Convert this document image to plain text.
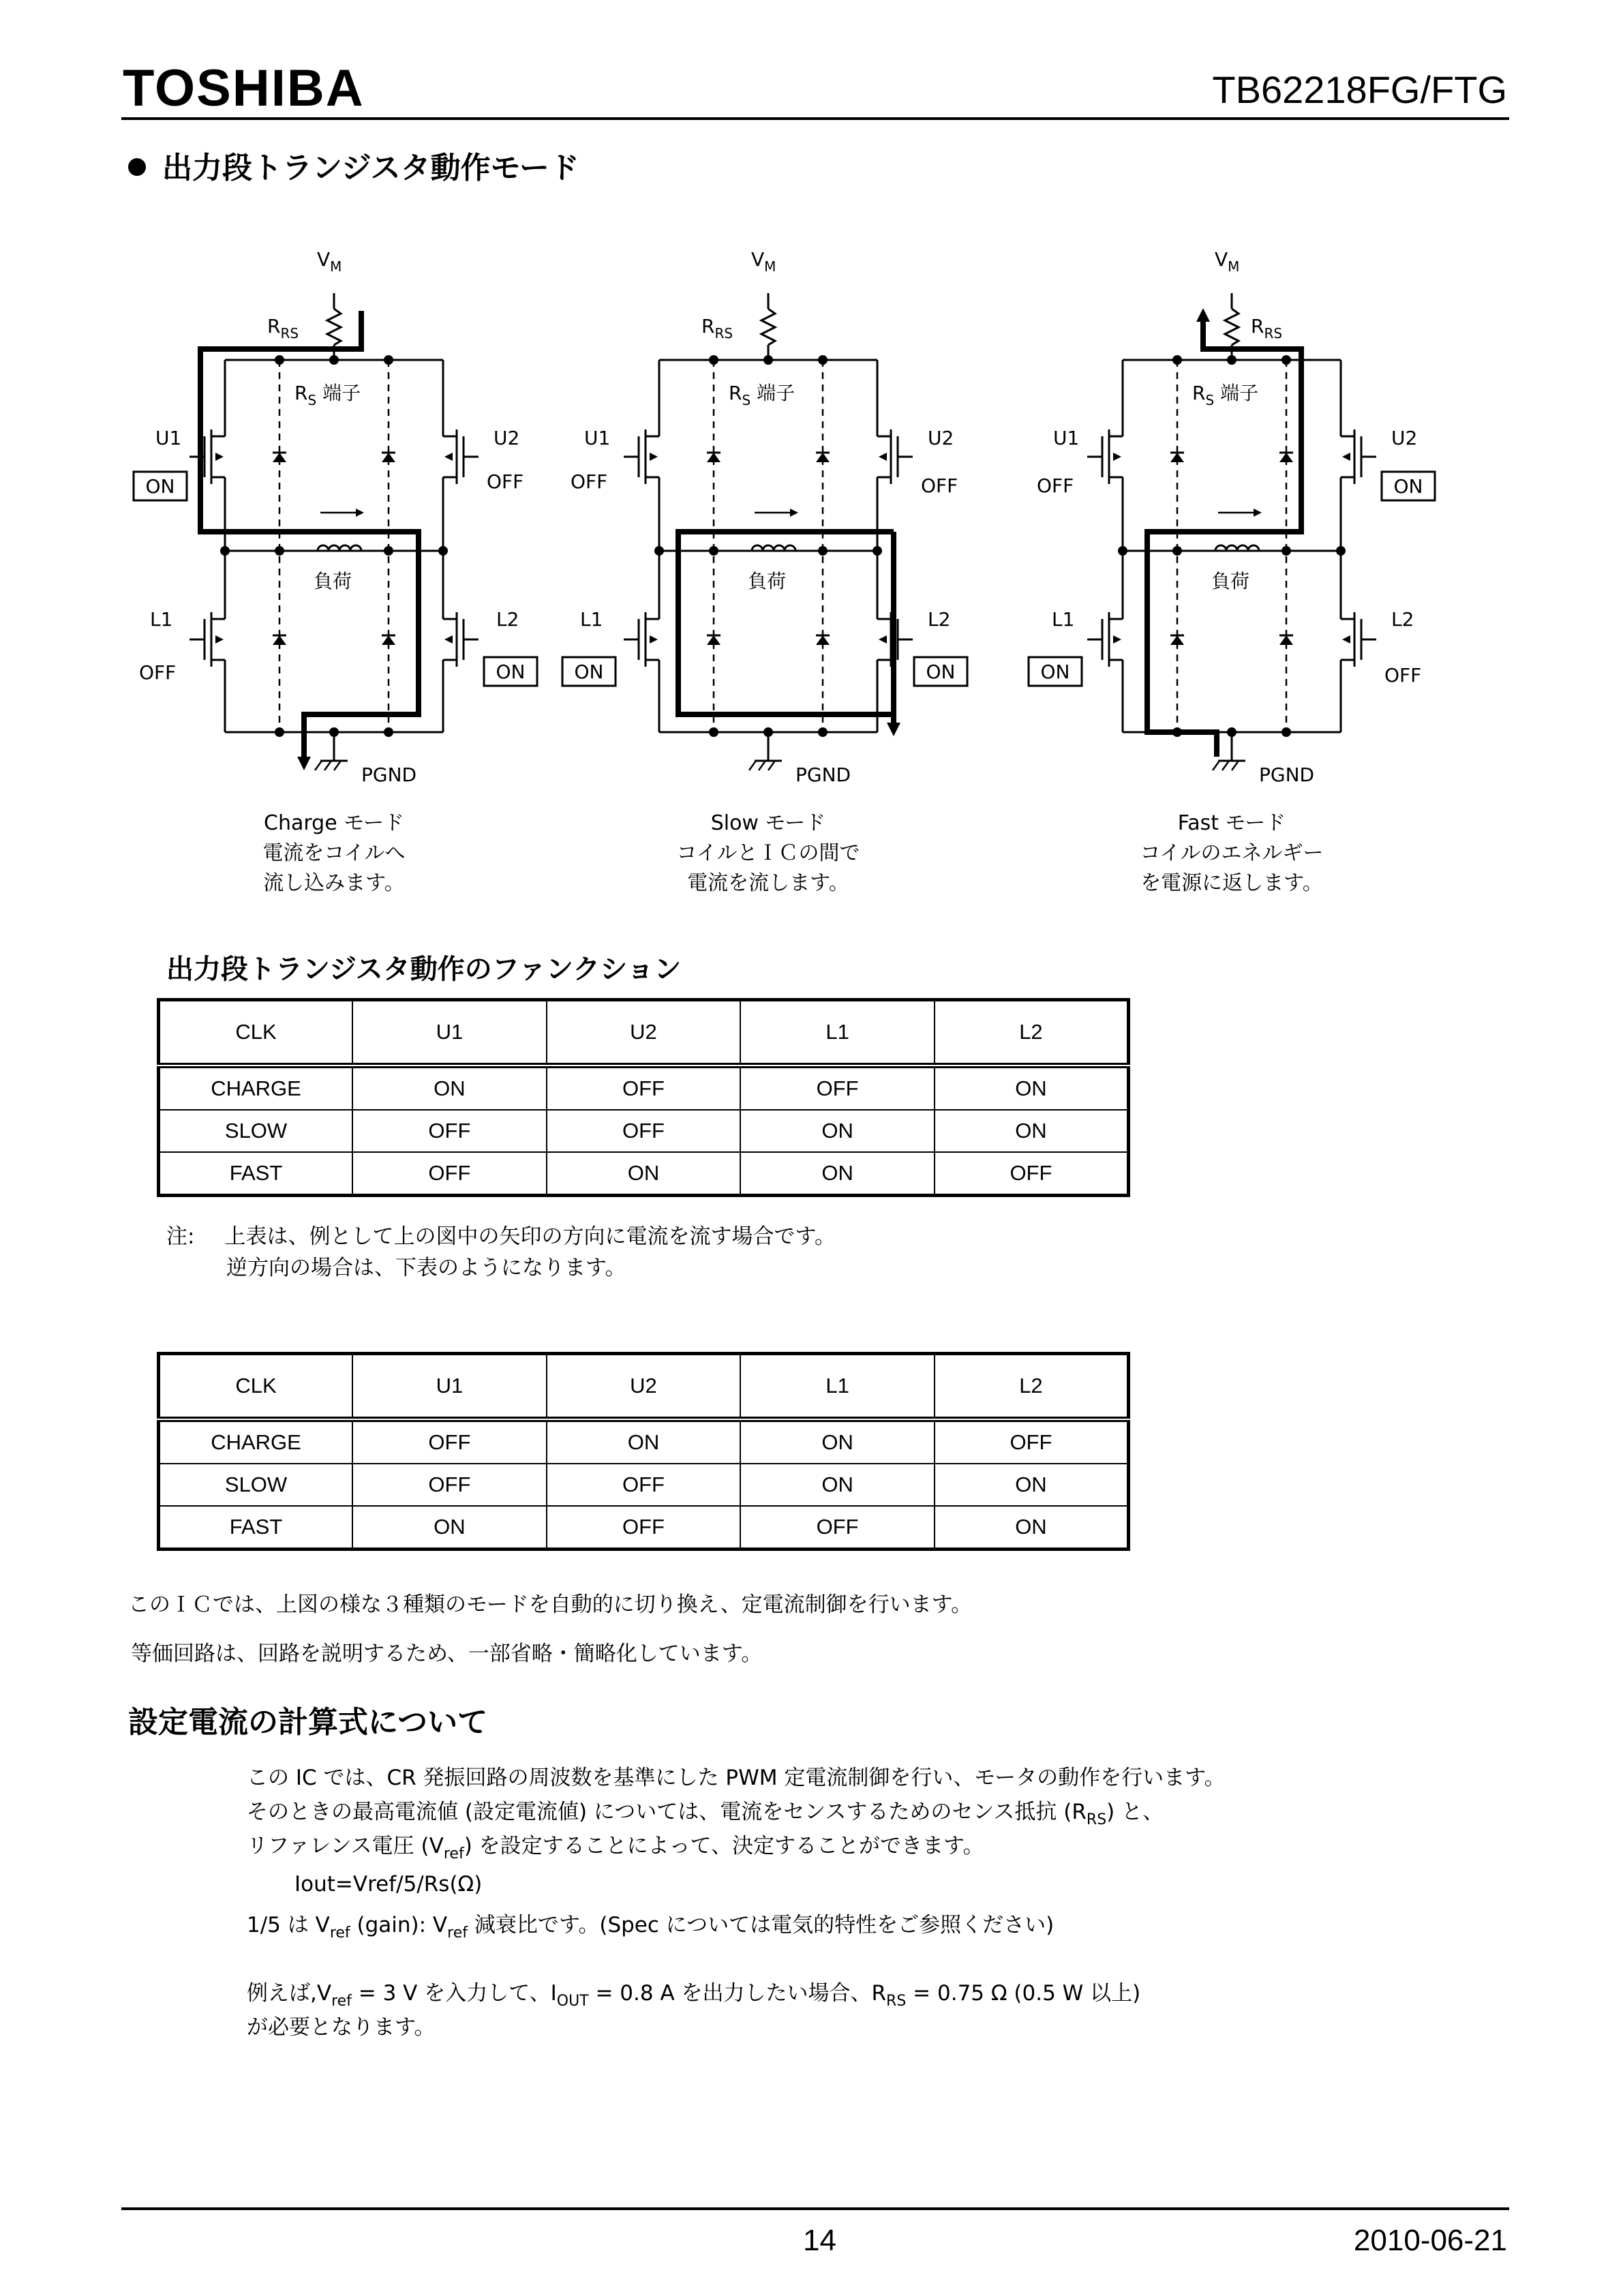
TOSHIBA	TB62218FG/FTG
出力段トランジスタ動作モード
$V_M$
$R_{RS}$
$R_S$ 端子
負荷
PGND
U1	U2
L1	L2
ON	OFF
OFF	ON
$V_M$
$R_{RS}$
$R_S$ 端子
負荷
PGND
U1	U2
L1	L2
OFF	OFF
ON	ON
$V_M$
$R_{RS}$
$R_S$ 端子
負荷
PGND
U1	U2
L1	L2
OFF	ON
ON	OFF
Charge モード
電流をコイルへ
流し込みます。
Slow モード
コイルとＩＣの間で
電流を流します。
Fast モード
コイルのエネルギー
を電源に返します。
出力段トランジスタ動作のファンクション
CLK	U1	U2	L1	L2
CHARGE	ON	OFF	OFF	ON
SLOW	OFF	OFF	ON	ON
FAST	OFF	ON	ON	OFF
注: 上表は、例として上の図中の矢印の方向に電流を流す場合です。
逆方向の場合は、下表のようになります。
CLK	U1	U2	L1	L2
CHARGE	OFF	ON	ON	OFF
SLOW	OFF	OFF	ON	ON
FAST	ON	OFF	OFF	ON
このＩＣでは、上図の様な３種類のモードを自動的に切り換え、定電流制御を行います。
等価回路は、回路を説明するため、一部省略・簡略化しています。
設定電流の計算式について
この IC では、CR 発振回路の周波数を基準にした PWM 定電流制御を行い、モータの動作を行います。
そのときの最高電流値 (設定電流値) については、電流をセンスするためのセンス抵抗 $(R_{RS})$ と、
リファレンス電圧 $(V_{ref})$ を設定することによって、決定することができます。
Iout=Vref/5/Rs(Ω)
1/5 は $V_{ref}$ (gain): $V_{ref}$ 減衰比です。(Spec については電気的特性をご参照ください)
例えば$,V_{ref} = 3$ V を入力して、$I_{OUT} = 0.8$ A を出力したい場合、$R_{RS} = 0.75$ Ω (0.5 W 以上)
が必要となります。
14	2010-06-21
